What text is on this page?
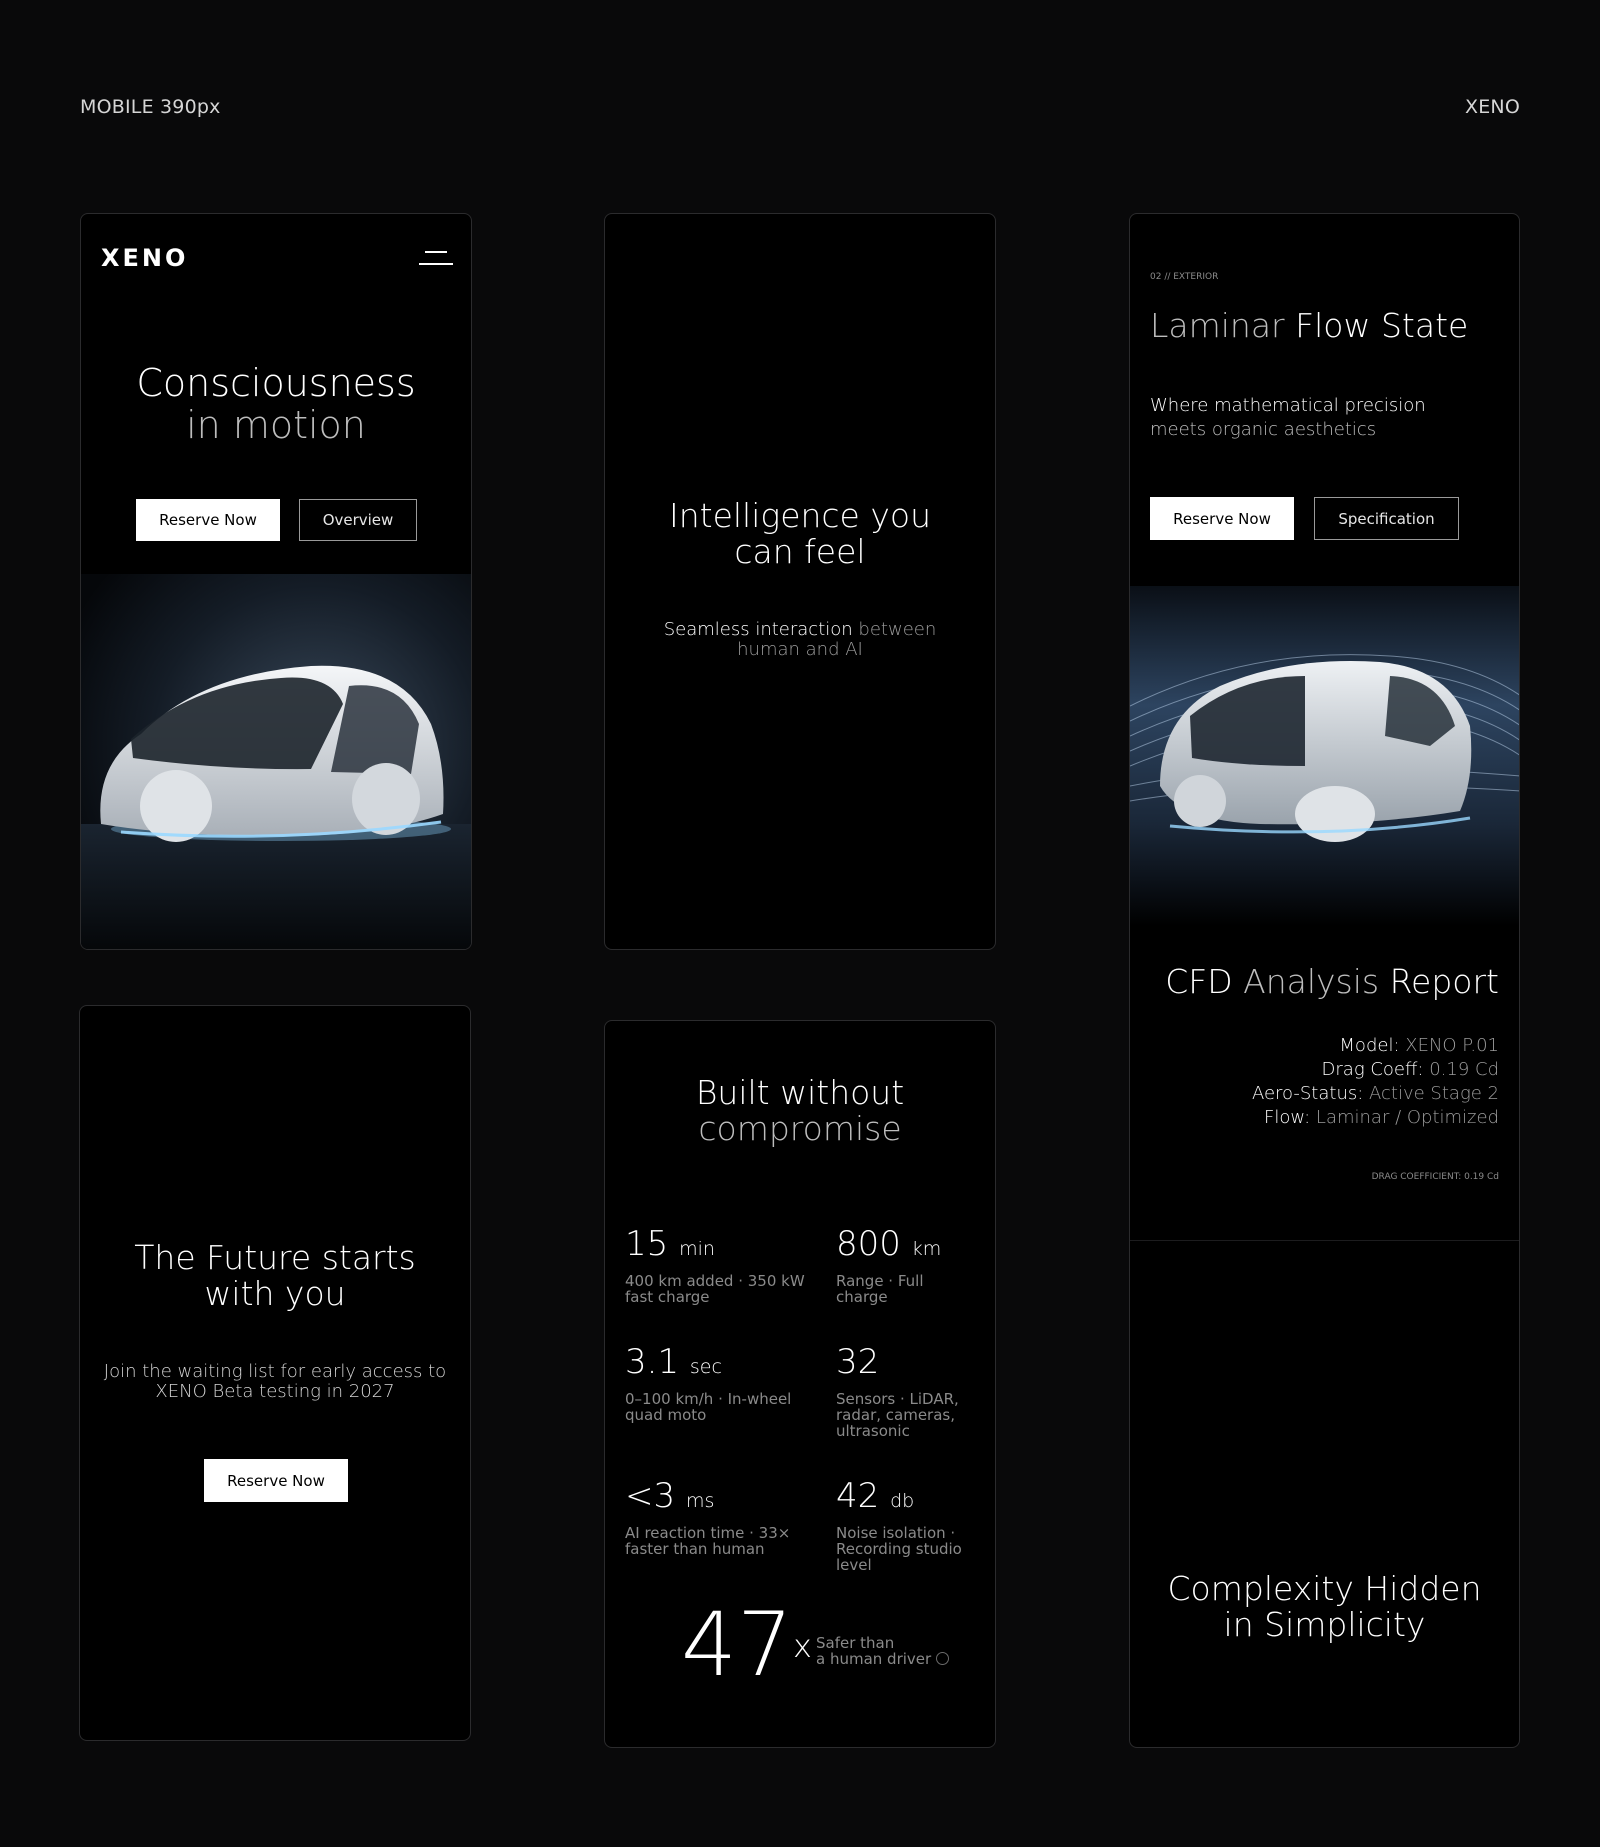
MOBILE 390px	XENO
XENO
Consciousness
in motion
Reserve Now	Overview	Intelligence you
can feel
Seamless interaction between
human and AI
02 // EXTERIOR
Laminar Flow State
Where mathematical precision
meets organic aesthetics
Reserve Now	Specification
CFD Analysis Report
Model: XENO P.01
Drag Coeff: 0.19 Cd
Aero-Status: Active Stage 2
Flow: Laminar / Optimized
DRAG COEFFICIENT: 0.19 Cd
Complexity Hidden
in Simplicity
The Future starts
with you
Join the waiting list for early access to
XENO Beta testing in 2027
Reserve Now
Built without
compromise
15 min
400 km added · 350 kW
fast charge
800 km
Range · Full
charge
3.1 sec
0–100 km/h · In-wheel
quad moto
32
Sensors · LiDAR,
radar, cameras,
ultrasonic
<3 ms
AI reaction time · 33×
faster than human
42 db
Noise isolation ·
Recording studio
level
47$^x$ Safer than
a human driver
